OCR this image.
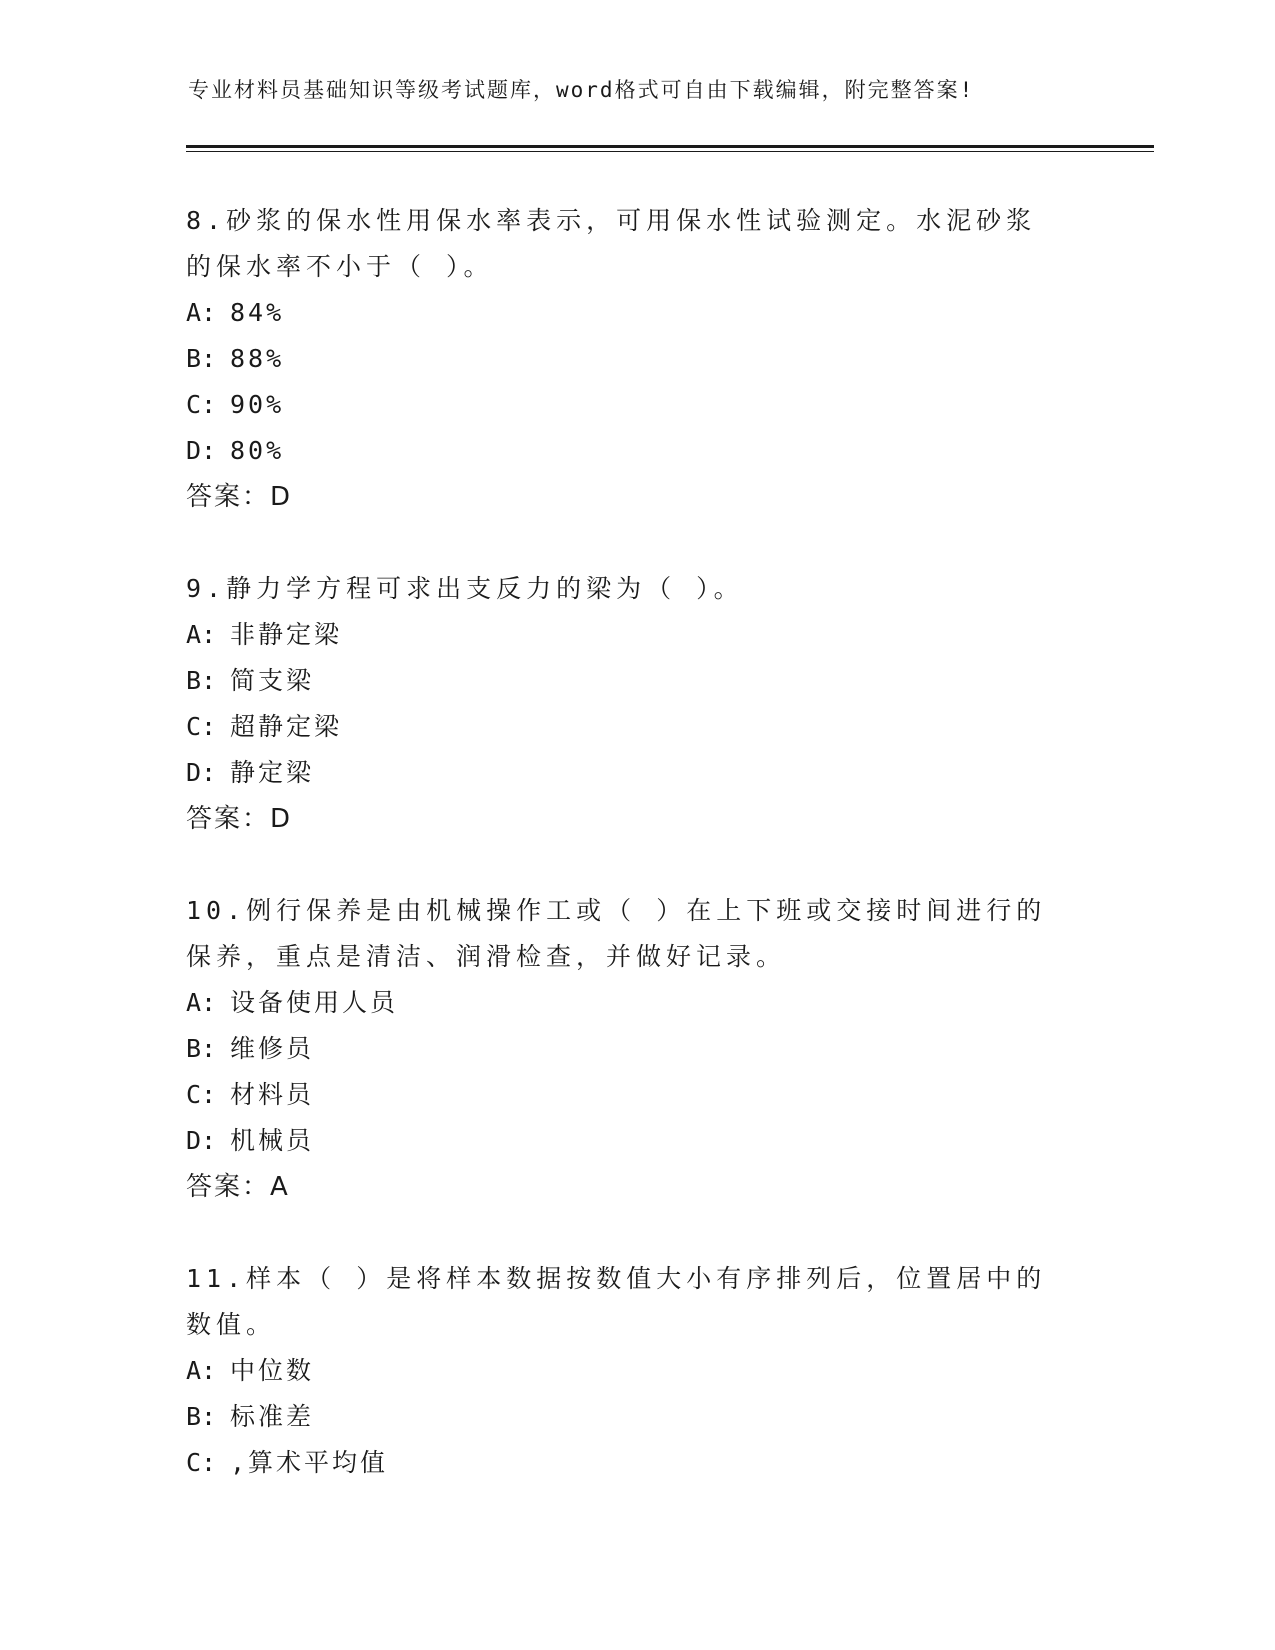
专业材料员基础知识等级考试题库，word格式可自由下载编辑，附完整答案!

8.砂浆的保水性用保水率表示，可用保水性试验测定。水泥砂浆的保水率不小于（ ）。

A: 84%
B: 88%
C: 90%
D: 80%
答案：D

9.静力学方程可求出支反力的梁为（ ）。

A: 非静定梁
B: 简支梁
C: 超静定梁
D: 静定梁
答案：D

10.例行保养是由机械操作工或（ ）在上下班或交接时间进行的保养，重点是清洁、润滑检查，并做好记录。

A: 设备使用人员
B: 维修员
C: 材料员
D: 机械员
答案：A

11.样本（ ）是将样本数据按数值大小有序排列后，位置居中的数值。

A: 中位数
B: 标准差
C: ,算术平均值
